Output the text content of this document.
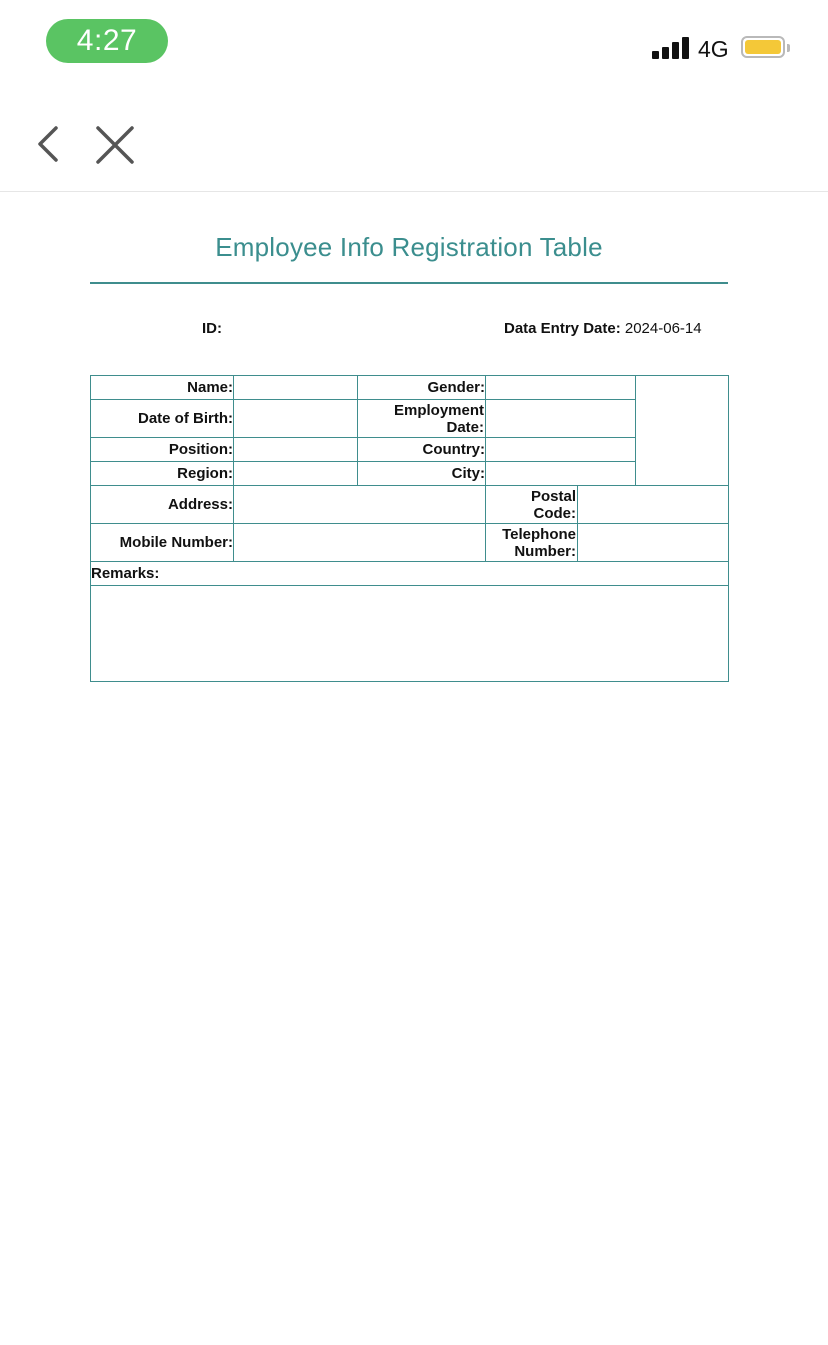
4:27	4G
Employee Info Registration Table
ID:	Data Entry Date: 2024-06-14
Name:		Gender:			
Date of Birth:		Employment Date:			
Position:		Country:			
Region:		City:			
Address:			Postal Code:		
Mobile Number:			Telephone Number:		
Remarks:					
